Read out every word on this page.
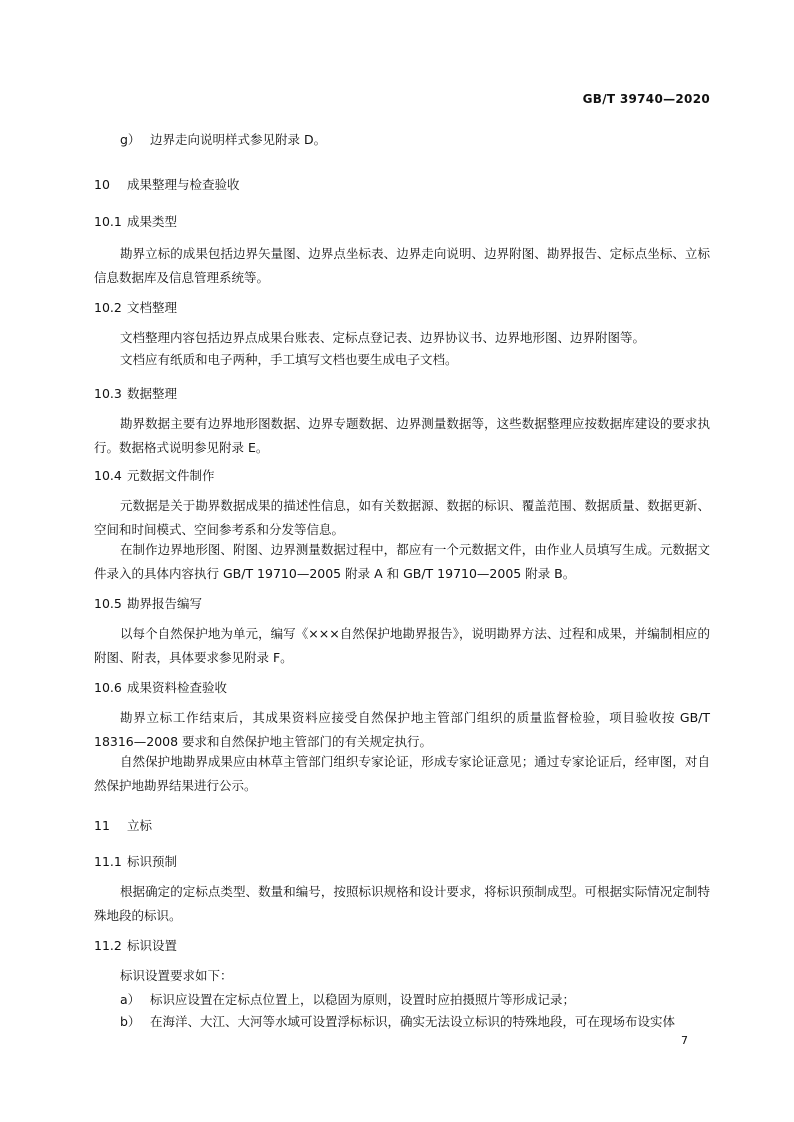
GB/T 39740—2020
g） 边界走向说明样式参见附录 D。
10 成果整理与检查验收
10.1 成果类型

勘界立标的成果包括边界矢量图、边界点坐标表、边界走向说明、边界附图、勘界报告、定标点坐标、立标信息数据库及信息管理系统等。

10.2 文档整理

文档整理内容包括边界点成果台账表、定标点登记表、边界协议书、边界地形图、边界附图等。

文档应有纸质和电子两种，手工填写文档也要生成电子文档。

10.3 数据整理

勘界数据主要有边界地形图数据、边界专题数据、边界测量数据等，这些数据整理应按数据库建设的要求执行。数据格式说明参见附录 E。

10.4 元数据文件制作

元数据是关于勘界数据成果的描述性信息，如有关数据源、数据的标识、覆盖范围、数据质量、数据更新、空间和时间模式、空间参考系和分发等信息。

在制作边界地形图、附图、边界测量数据过程中，都应有一个元数据文件，由作业人员填写生成。元数据文件录入的具体内容执行 GB/T 19710—2005 附录 A 和 GB/T 19710—2005 附录 B。

10.5 勘界报告编写

以每个自然保护地为单元，编写《×××自然保护地勘界报告》，说明勘界方法、过程和成果，并编制相应的附图、附表，具体要求参见附录 F。

10.6 成果资料检查验收

勘界立标工作结束后，其成果资料应接受自然保护地主管部门组织的质量监督检验，项目验收按 GB/T 18316—2008 要求和自然保护地主管部门的有关规定执行。

自然保护地勘界成果应由林草主管部门组织专家论证，形成专家论证意见；通过专家论证后，经审图，对自然保护地勘界结果进行公示。

11 立标
11.1 标识预制

根据确定的定标点类型、数量和编号，按照标识规格和设计要求，将标识预制成型。可根据实际情况定制特殊地段的标识。

11.2 标识设置
标识设置要求如下：
a） 标识应设置在定标点位置上，以稳固为原则，设置时应拍摄照片等形成记录；
b） 在海洋、大江、大河等水域可设置浮标标识，确实无法设立标识的特殊地段，可在现场布设实体
7
